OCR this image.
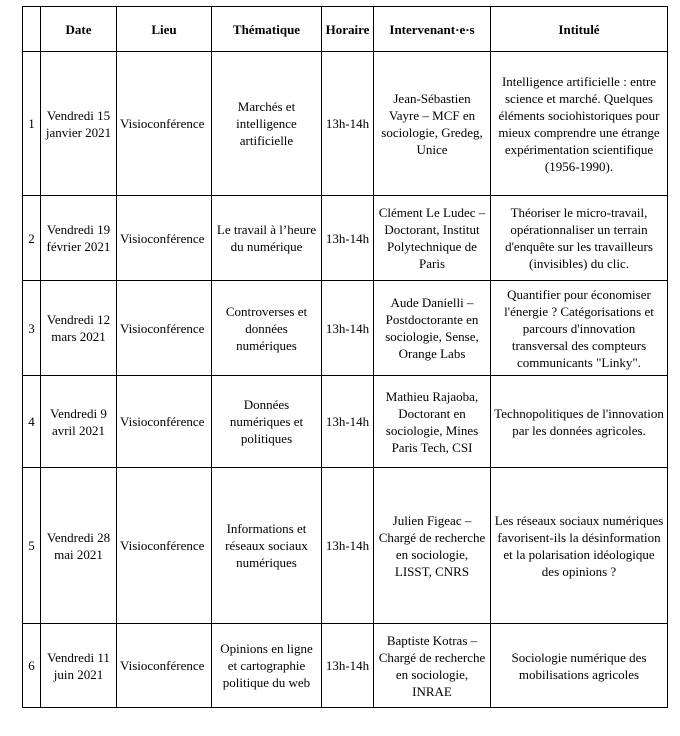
	Date	Lieu	Thématique	Horaire	Intervenant·e·s	Intitulé
1	Vendredi 15 janvier 2021	Visioconférence	Marchés et intelligence artificielle	13h-14h	Jean-Sébastien Vayre – MCF en sociologie, Gredeg, Unice	Intelligence artificielle : entre science et marché. Quelques éléments sociohistoriques pour mieux comprendre une étrange expérimentation scientifique (1956-1990).
2	Vendredi 19 février 2021	Visioconférence	Le travail à l’heure du numérique	13h-14h	Clément Le Ludec – Doctorant, Institut Polytechnique de Paris	Théoriser le micro-travail, opérationnaliser un terrain d'enquête sur les travailleurs (invisibles) du clic.
3	Vendredi 12 mars 2021	Visioconférence	Controverses et données numériques	13h-14h	Aude Danielli – Postdoctorante en sociologie, Sense, Orange Labs	Quantifier pour économiser l'énergie ? Catégorisations et parcours d'innovation transversal des compteurs communicants "Linky".
4	Vendredi 9 avril 2021	Visioconférence	Données numériques et politiques	13h-14h	Mathieu Rajaoba, Doctorant en sociologie, Mines Paris Tech, CSI	Technopolitiques de l'innovation par les données agricoles.
5	Vendredi 28 mai 2021	Visioconférence	Informations et réseaux sociaux numériques	13h-14h	Julien Figeac – Chargé de recherche en sociologie, LISST, CNRS	Les réseaux sociaux numériques favorisent-ils la désinformation et la polarisation idéologique des opinions ?
6	Vendredi 11 juin 2021	Visioconférence	Opinions en ligne et cartographie politique du web	13h-14h	Baptiste Kotras – Chargé de recherche en sociologie, INRAE	Sociologie numérique des mobilisations agricoles
